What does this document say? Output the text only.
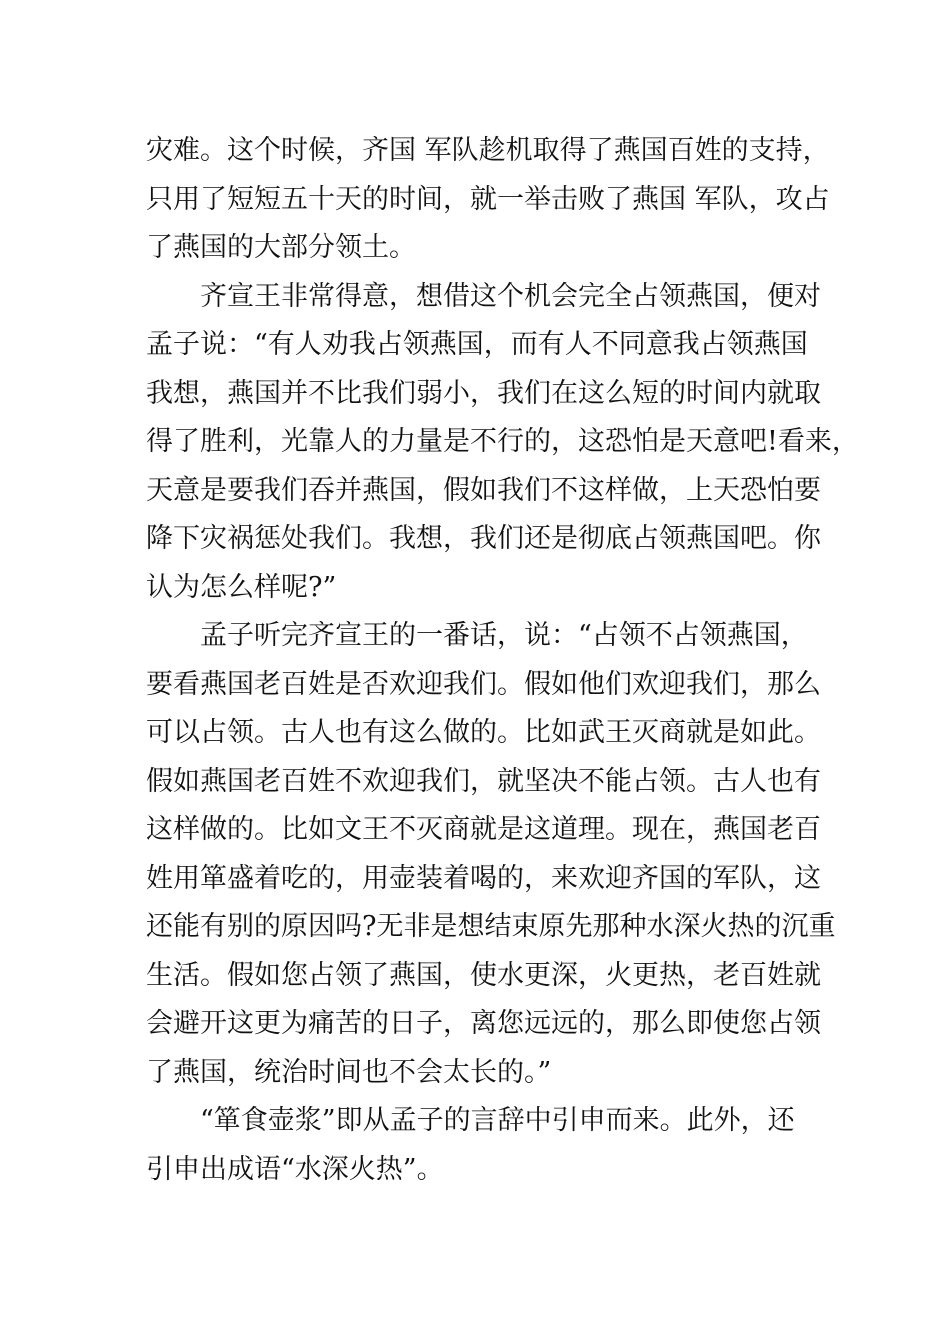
灾难。这个时候，齐国 军队趁机取得了燕国百姓的支持，
只用了短短五十天的时间，就一举击败了燕国 军队，攻占
了燕国的大部分领土。
齐宣王非常得意，想借这个机会完全占领燕国，便对
孟子说：“有人劝我占领燕国，而有人不同意我占领燕国
我想，燕国并不比我们弱小，我们在这么短的时间内就取
得了胜利，光靠人的力量是不行的，这恐怕是天意吧!看来，
天意是要我们吞并燕国，假如我们不这样做，上天恐怕要
降下灾祸惩处我们。我想，我们还是彻底占领燕国吧。你
认为怎么样呢?”
孟子听完齐宣王的一番话，说：“占领不占领燕国，
要看燕国老百姓是否欢迎我们。假如他们欢迎我们，那么
可以占领。古人也有这么做的。比如武王灭商就是如此。
假如燕国老百姓不欢迎我们，就坚决不能占领。古人也有
这样做的。比如文王不灭商就是这道理。现在，燕国老百
姓用箪盛着吃的，用壶装着喝的，来欢迎齐国的军队，这
还能有别的原因吗?无非是想结束原先那种水深火热的沉重
生活。假如您占领了燕国，使水更深，火更热，老百姓就
会避开这更为痛苦的日子，离您远远的，那么即使您占领
了燕国，统治时间也不会太长的。”
“箪食壶浆”即从孟子的言辞中引申而来。此外，还
引申出成语“水深火热”。
